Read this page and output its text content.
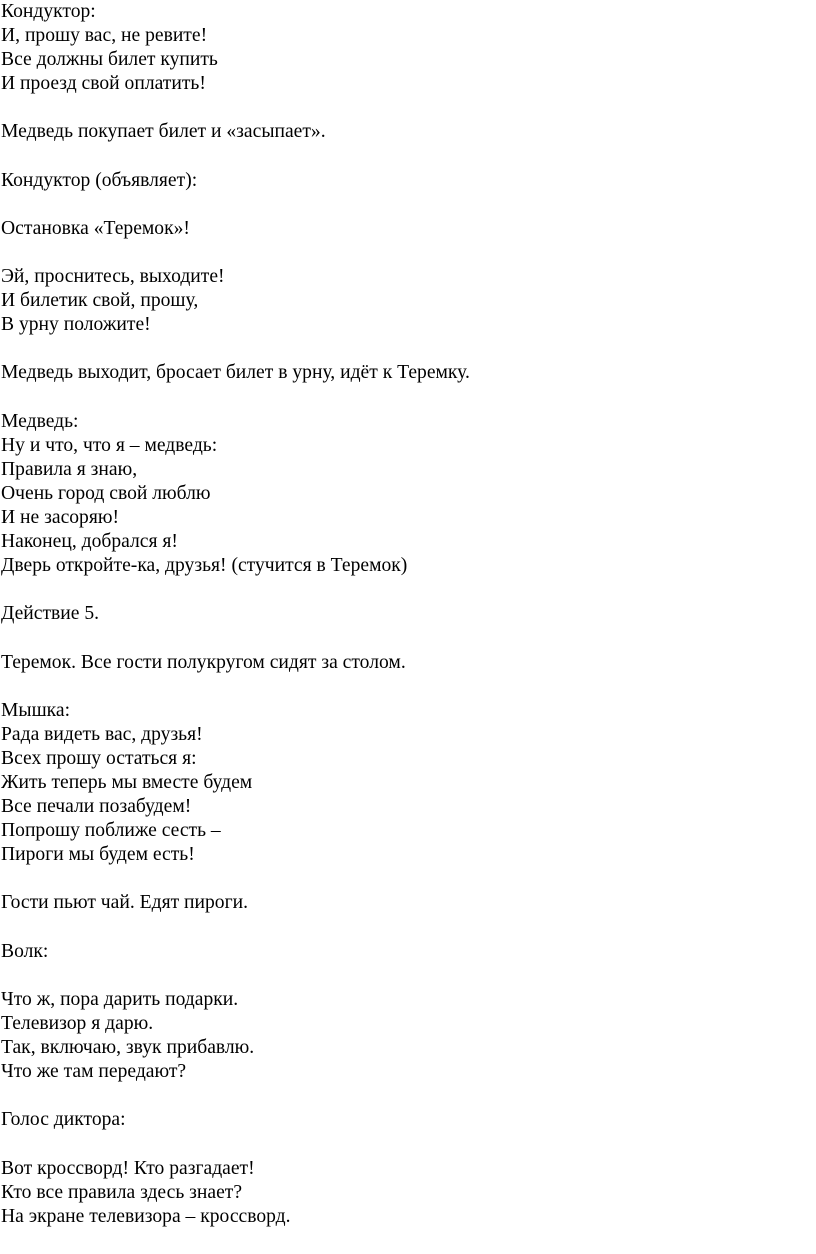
Кондуктор:
И, прошу вас, не ревите!
Все должны билет купить
И проезд свой оплатить!
Медведь покупает билет и «засыпает».
Кондуктор (объявляет):
Остановка «Теремок»!
Эй, проснитесь, выходите!
И билетик свой, прошу,
В урну положите!
Медведь выходит, бросает билет в урну, идёт к Теремку.
Медведь:
Ну и что, что я – медведь:
Правила я знаю,
Очень город свой люблю
И не засоряю!
Наконец, добрался я!
Дверь откройте-ка, друзья! (стучится в Теремок)
Действие 5.
Теремок. Все гости полукругом сидят за столом.
Мышка:
Рада видеть вас, друзья!
Всех прошу остаться я:
Жить теперь мы вместе будем
Все печали позабудем!
Попрошу поближе сесть –
Пироги мы будем есть!
Гости пьют чай. Едят пироги.
Волк:
Что ж, пора дарить подарки.
Телевизор я дарю.
Так, включаю, звук прибавлю.
Что же там передают?
Голос диктора:
Вот кроссворд! Кто разгадает!
Кто все правила здесь знает?
На экране телевизора – кроссворд.
